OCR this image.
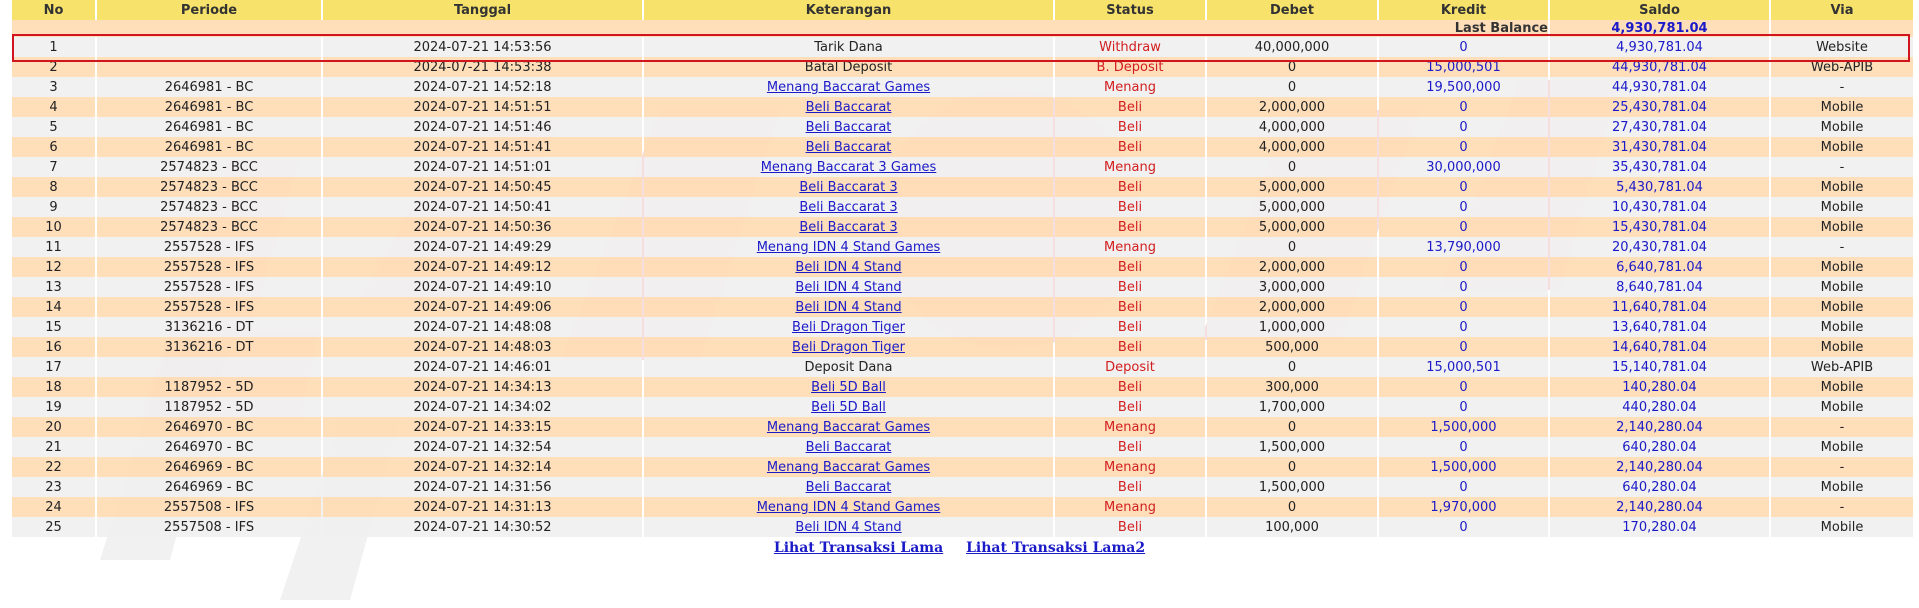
No	Periode	Tanggal	Keterangan	Status	Debet	Kredit	Saldo	Via
Last Balance							4,930,781.04	
1		2024-07-21 14:53:56	Tarik Dana	Withdraw	40,000,000	0	4,930,781.04	Website
2		2024-07-21 14:53:38	Batal Deposit	B. Deposit	0	15,000,501	44,930,781.04	Web-APIB
3	2646981 - BC	2024-07-21 14:52:18	Menang Baccarat Games	Menang	0	19,500,000	44,930,781.04	-
4	2646981 - BC	2024-07-21 14:51:51	Beli Baccarat	Beli	2,000,000	0	25,430,781.04	Mobile
5	2646981 - BC	2024-07-21 14:51:46	Beli Baccarat	Beli	4,000,000	0	27,430,781.04	Mobile
6	2646981 - BC	2024-07-21 14:51:41	Beli Baccarat	Beli	4,000,000	0	31,430,781.04	Mobile
7	2574823 - BCC	2024-07-21 14:51:01	Menang Baccarat 3 Games	Menang	0	30,000,000	35,430,781.04	-
8	2574823 - BCC	2024-07-21 14:50:45	Beli Baccarat 3	Beli	5,000,000	0	5,430,781.04	Mobile
9	2574823 - BCC	2024-07-21 14:50:41	Beli Baccarat 3	Beli	5,000,000	0	10,430,781.04	Mobile
10	2574823 - BCC	2024-07-21 14:50:36	Beli Baccarat 3	Beli	5,000,000	0	15,430,781.04	Mobile
11	2557528 - IFS	2024-07-21 14:49:29	Menang IDN 4 Stand Games	Menang	0	13,790,000	20,430,781.04	-
12	2557528 - IFS	2024-07-21 14:49:12	Beli IDN 4 Stand	Beli	2,000,000	0	6,640,781.04	Mobile
13	2557528 - IFS	2024-07-21 14:49:10	Beli IDN 4 Stand	Beli	3,000,000	0	8,640,781.04	Mobile
14	2557528 - IFS	2024-07-21 14:49:06	Beli IDN 4 Stand	Beli	2,000,000	0	11,640,781.04	Mobile
15	3136216 - DT	2024-07-21 14:48:08	Beli Dragon Tiger	Beli	1,000,000	0	13,640,781.04	Mobile
16	3136216 - DT	2024-07-21 14:48:03	Beli Dragon Tiger	Beli	500,000	0	14,640,781.04	Mobile
17		2024-07-21 14:46:01	Deposit Dana	Deposit	0	15,000,501	15,140,781.04	Web-APIB
18	1187952 - 5D	2024-07-21 14:34:13	Beli 5D Ball	Beli	300,000	0	140,280.04	Mobile
19	1187952 - 5D	2024-07-21 14:34:02	Beli 5D Ball	Beli	1,700,000	0	440,280.04	Mobile
20	2646970 - BC	2024-07-21 14:33:15	Menang Baccarat Games	Menang	0	1,500,000	2,140,280.04	-
21	2646970 - BC	2024-07-21 14:32:54	Beli Baccarat	Beli	1,500,000	0	640,280.04	Mobile
22	2646969 - BC	2024-07-21 14:32:14	Menang Baccarat Games	Menang	0	1,500,000	2,140,280.04	-
23	2646969 - BC	2024-07-21 14:31:56	Beli Baccarat	Beli	1,500,000	0	640,280.04	Mobile
24	2557508 - IFS	2024-07-21 14:31:13	Menang IDN 4 Stand Games	Menang	0	1,970,000	2,140,280.04	-
25	2557508 - IFS	2024-07-21 14:30:52	Beli IDN 4 Stand	Beli	100,000	0	170,280.04	Mobile
Lihat Transaksi Lama Lihat Transaksi Lama2
